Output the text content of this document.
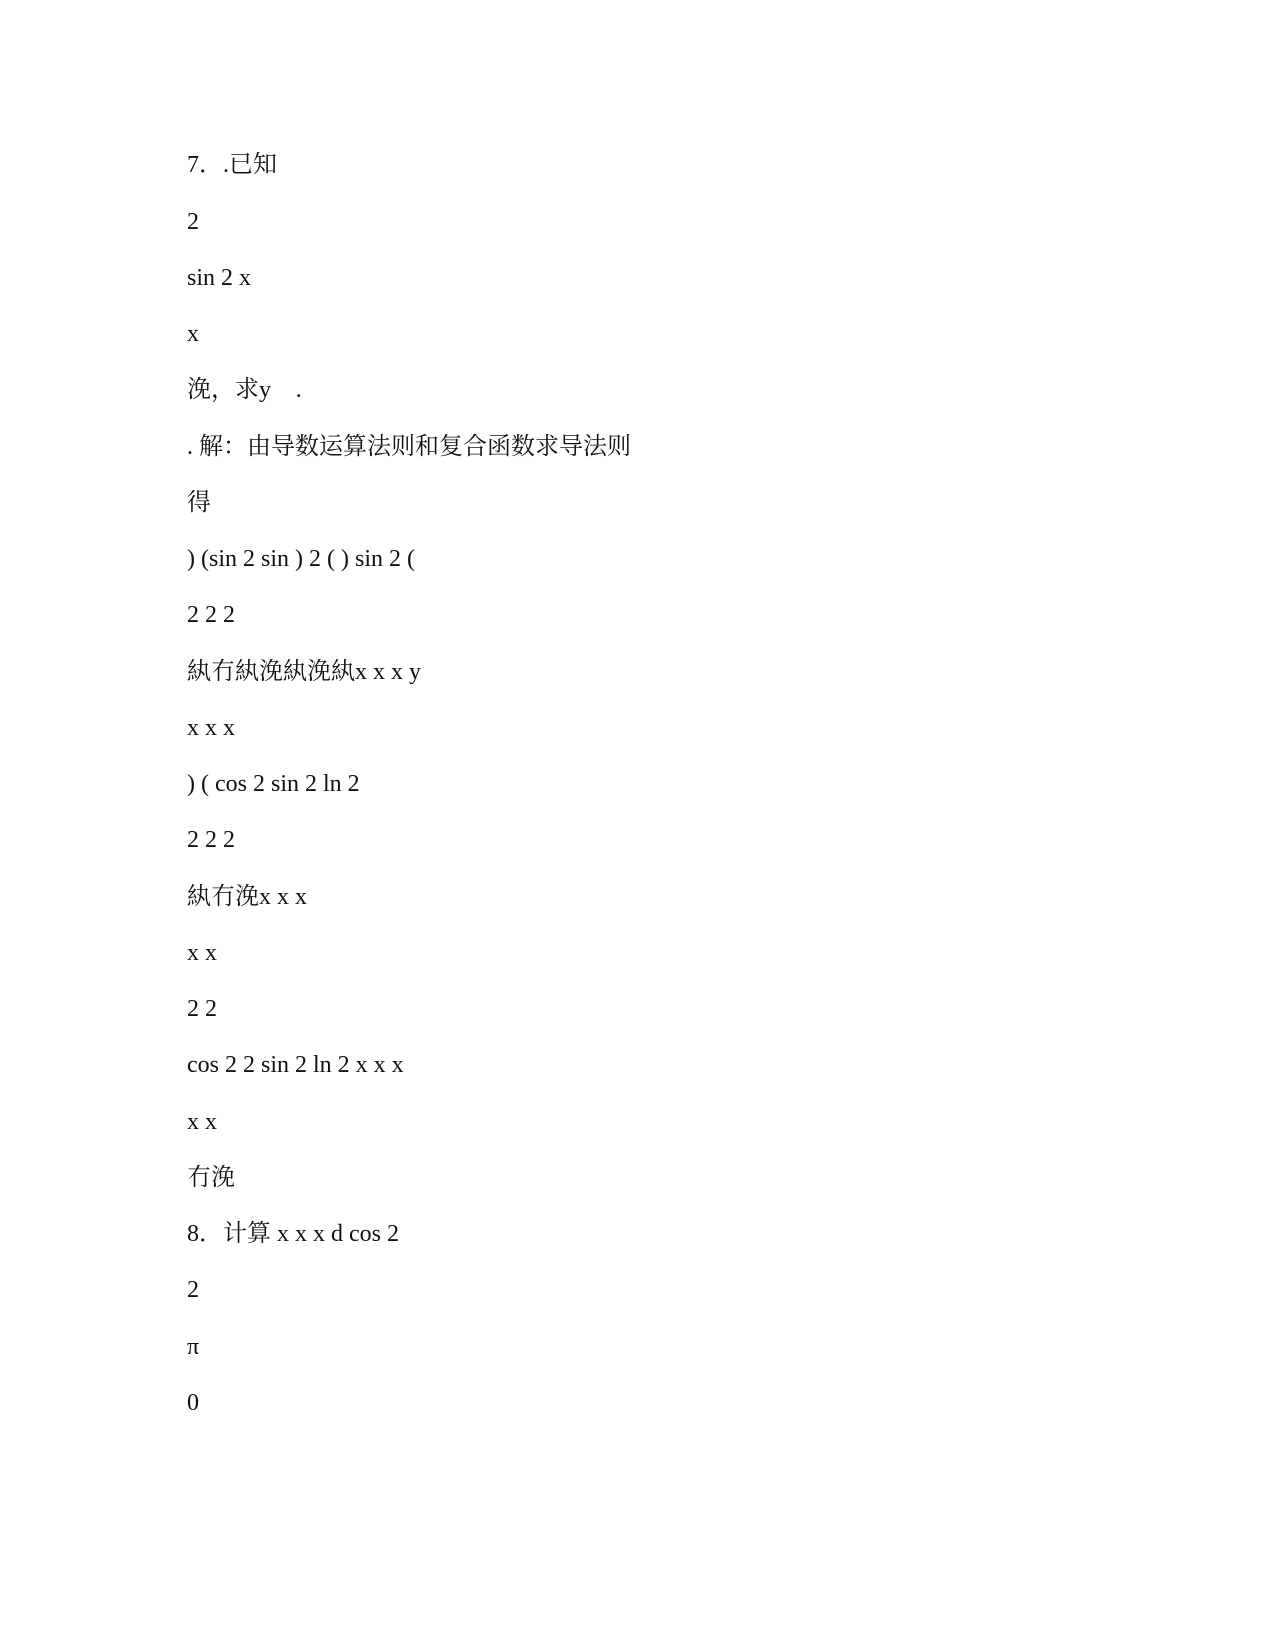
7．.已知

2

sin 2 x

x

浼，求y􀁄 .

. 解：由导数运算法则和复合函数求导法则

得

) (sin 2 sin ) 2 ( ) sin 2 (

2 2 2

紈冇紈浼紈浼紈x x x y

x x x

) ( cos 2 sin 2 ln 2

2 2 2

紈冇浼x x x

x x

2 2

cos 2 2 sin 2 ln 2 x x x

x x

冇浼

8．计算 x x x d cos 2

2

π

0
